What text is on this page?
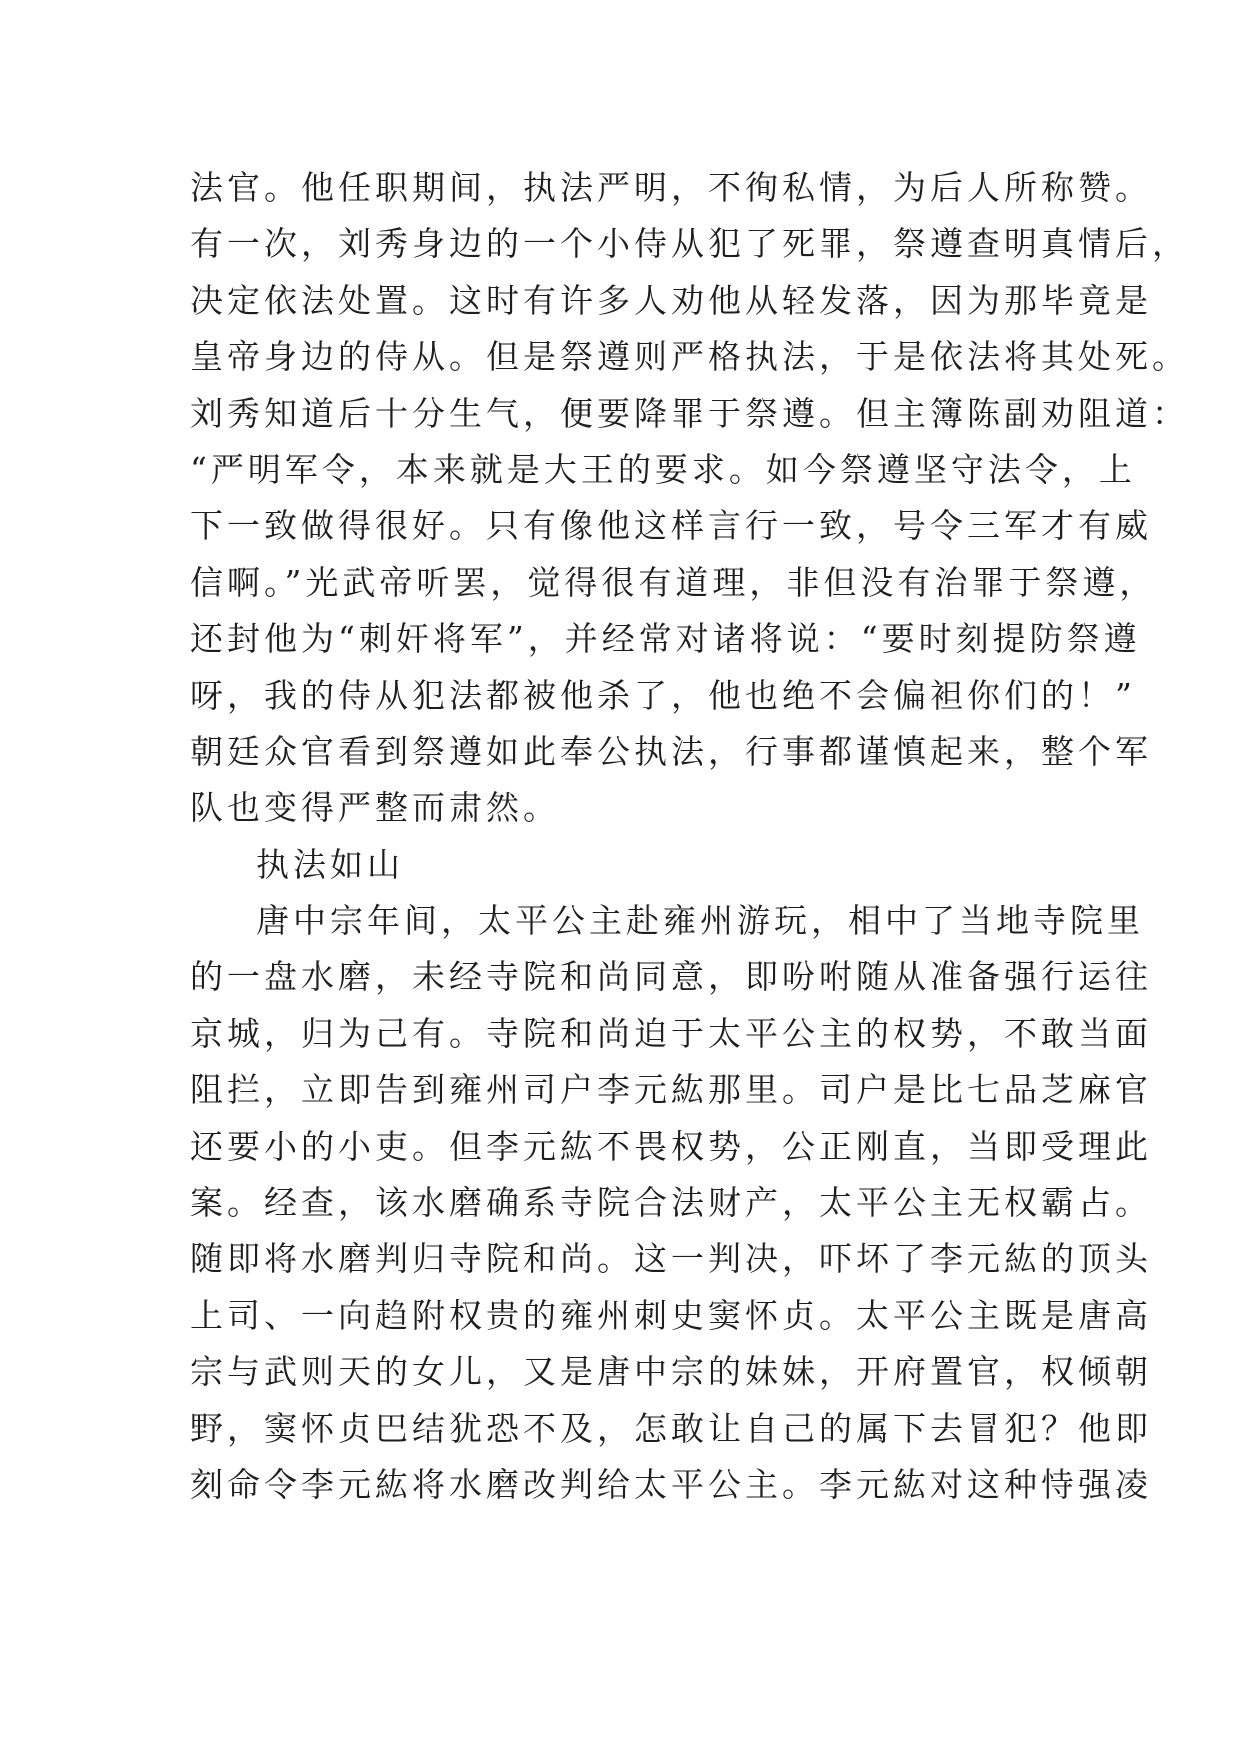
法官。他任职期间，执法严明，不徇私情，为后人所称赞。
有一次，刘秀身边的一个小侍从犯了死罪，祭遵查明真情后，
决定依法处置。这时有许多人劝他从轻发落，因为那毕竟是
皇帝身边的侍从。但是祭遵则严格执法，于是依法将其处死。
刘秀知道后十分生气，便要降罪于祭遵。但主簿陈副劝阻道：
“严明军令，本来就是大王的要求。如今祭遵坚守法令，上
下一致做得很好。只有像他这样言行一致，号令三军才有威
信啊。”光武帝听罢，觉得很有道理，非但没有治罪于祭遵，
还封他为“刺奸将军”，并经常对诸将说：“要时刻提防祭遵
呀，我的侍从犯法都被他杀了，他也绝不会偏袒你们的！”
朝廷众官看到祭遵如此奉公执法，行事都谨慎起来，整个军
队也变得严整而肃然。
执法如山
唐中宗年间，太平公主赴雍州游玩，相中了当地寺院里
的一盘水磨，未经寺院和尚同意，即吩咐随从准备强行运往
京城，归为己有。寺院和尚迫于太平公主的权势，不敢当面
阻拦，立即告到雍州司户李元紘那里。司户是比七品芝麻官
还要小的小吏。但李元紘不畏权势，公正刚直，当即受理此
案。经查，该水磨确系寺院合法财产，太平公主无权霸占。
随即将水磨判归寺院和尚。这一判决，吓坏了李元紘的顶头
上司、一向趋附权贵的雍州刺史窦怀贞。太平公主既是唐高
宗与武则天的女儿，又是唐中宗的妹妹，开府置官，权倾朝
野，窦怀贞巴结犹恐不及，怎敢让自己的属下去冒犯？他即
刻命令李元紘将水磨改判给太平公主。李元紘对这种恃强凌
